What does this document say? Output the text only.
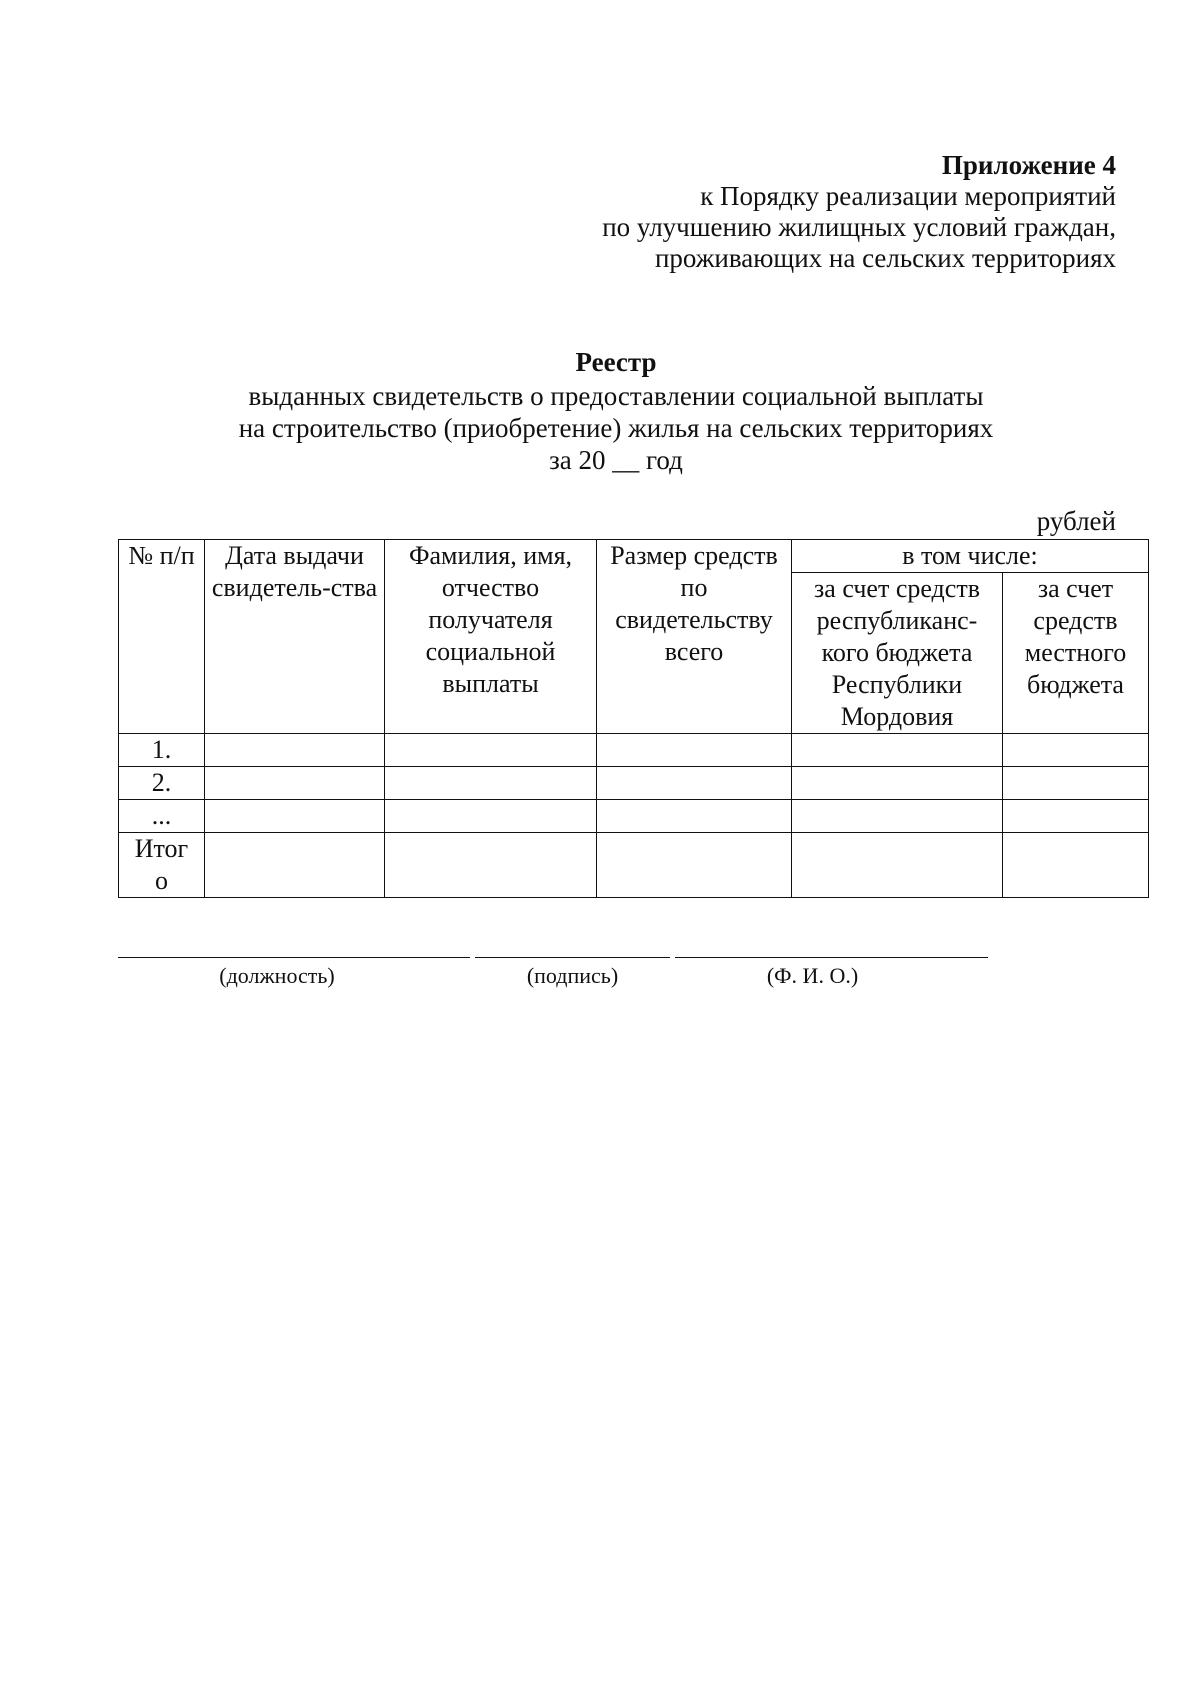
Приложение 4
к Порядку реализации мероприятий
по улучшению жилищных условий граждан,
проживающих на сельских территориях
Реестр
выданных свидетельств о предоставлении социальной выплаты
на строительство (приобретение) жилья на сельских территориях
за 20 __ год
рублей
№ п/п	Дата выдачи свидетель-ства	Фамилия, имя, отчество получателя социальной выплаты	Размер средств по свидетельству всего	в том числе:	
				за счет средств республиканс-кого бюджета Республики Мордовия	за счет средств местного бюджета
1.					
2.					
...					
Итого					
(должность)	(подпись)	(Ф. И. О.)
